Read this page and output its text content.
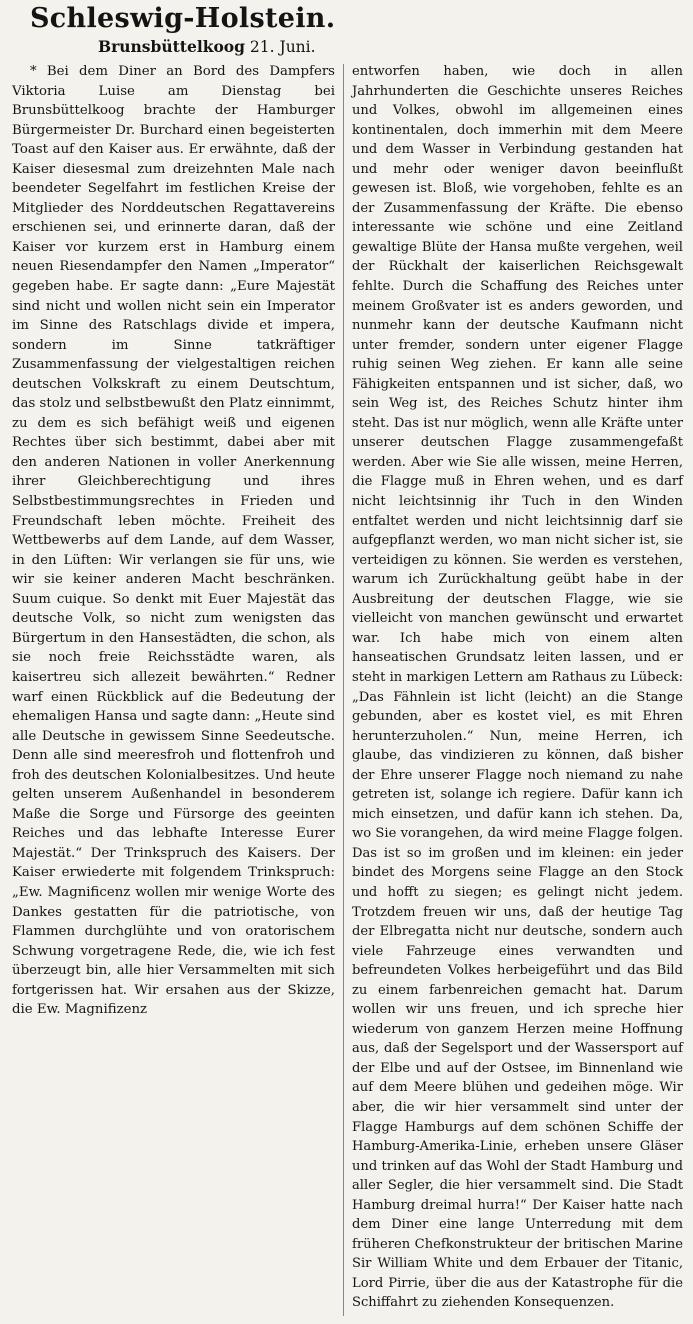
Schleswig-Holstein.
Brunsbüttelkoog 21. Juni.

* Bei dem Diner an Bord des Dampfers Viktoria Luise am Dienstag bei Brunsbüttelkoog brachte der Hamburger Bürgermeister Dr. Burchard einen begeisterten Toast auf den Kaiser aus. Er erwähnte, daß der Kaiser diesesmal zum dreizehnten Male nach beendeter Segelfahrt im festlichen Kreise der Mitglieder des Norddeutschen Regattavereins erschienen sei, und erinnerte daran, daß der Kaiser vor kurzem erst in Hamburg einem neuen Riesendampfer den Namen „Imperator“ gegeben habe. Er sagte dann: „Eure Majestät sind nicht und wollen nicht sein ein Imperator im Sinne des Ratschlags divide et impera, sondern im Sinne tatkräftiger Zusammenfassung der vielgestaltigen reichen deutschen Volkskraft zu einem Deutschtum, das stolz und selbstbewußt den Platz einnimmt, zu dem es sich befähigt weiß und eigenen Rechtes über sich bestimmt, dabei aber mit den anderen Nationen in voller Anerkennung ihrer Gleichberechtigung und ihres Selbstbestimmungsrechtes in Frieden und Freundschaft leben möchte. Freiheit des Wettbewerbs auf dem Lande, auf dem Wasser, in den Lüften: Wir verlangen sie für uns, wie wir sie keiner anderen Macht beschränken. Suum cuique. So denkt mit Euer Majestät das deutsche Volk, so nicht zum wenigsten das Bürgertum in den Hansestädten, die schon, als sie noch freie Reichsstädte waren, als kaisertreu sich allezeit bewährten.“ Redner warf einen Rückblick auf die Bedeutung der ehemaligen Hansa und sagte dann: „Heute sind alle Deutsche in gewissem Sinne Seedeutsche. Denn alle sind meeresfroh und flottenfroh und froh des deutschen Kolonialbesitzes. Und heute gelten unserem Außenhandel in besonderem Maße die Sorge und Fürsorge des geeinten Reiches und das lebhafte Interesse Eurer Majestät.“ Der Trinkspruch des Kaisers. Der Kaiser erwiederte mit folgendem Trinkspruch: „Ew. Magnificenz wollen mir wenige Worte des Dankes gestatten für die patriotische, von Flammen durchglühte und von oratorischem Schwung vorgetragene Rede, die, wie ich fest überzeugt bin, alle hier Versammelten mit sich fortgerissen hat. Wir ersahen aus der Skizze, die Ew. Magnifizenz

entworfen haben, wie doch in allen Jahrhunderten die Geschichte unseres Reiches und Volkes, obwohl im allgemeinen eines kontinentalen, doch immerhin mit dem Meere und dem Wasser in Verbindung gestanden hat und mehr oder weniger davon beeinflußt gewesen ist. Bloß, wie vorgehoben, fehlte es an der Zusammenfassung der Kräfte. Die ebenso interessante wie schöne und eine Zeitland gewaltige Blüte der Hansa mußte vergehen, weil der Rückhalt der kaiserlichen Reichsgewalt fehlte. Durch die Schaffung des Reiches unter meinem Großvater ist es anders geworden, und nunmehr kann der deutsche Kaufmann nicht unter fremder, sondern unter eigener Flagge ruhig seinen Weg ziehen. Er kann alle seine Fähigkeiten entspannen und ist sicher, daß, wo sein Weg ist, des Reiches Schutz hinter ihm steht. Das ist nur möglich, wenn alle Kräfte unter unserer deutschen Flagge zusammengefaßt werden. Aber wie Sie alle wissen, meine Herren, die Flagge muß in Ehren wehen, und es darf nicht leichtsinnig ihr Tuch in den Winden entfaltet werden und nicht leichtsinnig darf sie aufgepflanzt werden, wo man nicht sicher ist, sie verteidigen zu können. Sie werden es verstehen, warum ich Zurückhaltung geübt habe in der Ausbreitung der deutschen Flagge, wie sie vielleicht von manchen gewünscht und erwartet war. Ich habe mich von einem alten hanseatischen Grundsatz leiten lassen, und er steht in markigen Lettern am Rathaus zu Lübeck: „Das Fähnlein ist licht (leicht) an die Stange gebunden, aber es kostet viel, es mit Ehren herunterzuholen.“ Nun, meine Herren, ich glaube, das vindizieren zu können, daß bisher der Ehre unserer Flagge noch niemand zu nahe getreten ist, solange ich regiere. Dafür kann ich mich einsetzen, und dafür kann ich stehen. Da, wo Sie vorangehen, da wird meine Flagge folgen. Das ist so im großen und im kleinen: ein jeder bindet des Morgens seine Flagge an den Stock und hofft zu siegen; es gelingt nicht jedem. Trotzdem freuen wir uns, daß der heutige Tag der Elbregatta nicht nur deutsche, sondern auch viele Fahrzeuge eines verwandten und befreundeten Volkes herbeigeführt und das Bild zu einem farbenreichen gemacht hat. Darum wollen wir uns freuen, und ich spreche hier wiederum von ganzem Herzen meine Hoffnung aus, daß der Segelsport und der Wassersport auf der Elbe und auf der Ostsee, im Binnenland wie auf dem Meere blühen und gedeihen möge. Wir aber, die wir hier versammelt sind unter der Flagge Hamburgs auf dem schönen Schiffe der Hamburg-Amerika-Linie, erheben unsere Gläser und trinken auf das Wohl der Stadt Hamburg und aller Segler, die hier versammelt sind. Die Stadt Hamburg dreimal hurra!“ Der Kaiser hatte nach dem Diner eine lange Unterredung mit dem früheren Chefkonstrukteur der britischen Marine Sir William White und dem Erbauer der Titanic, Lord Pirrie, über die aus der Katastrophe für die Schiffahrt zu ziehenden Konsequenzen.
